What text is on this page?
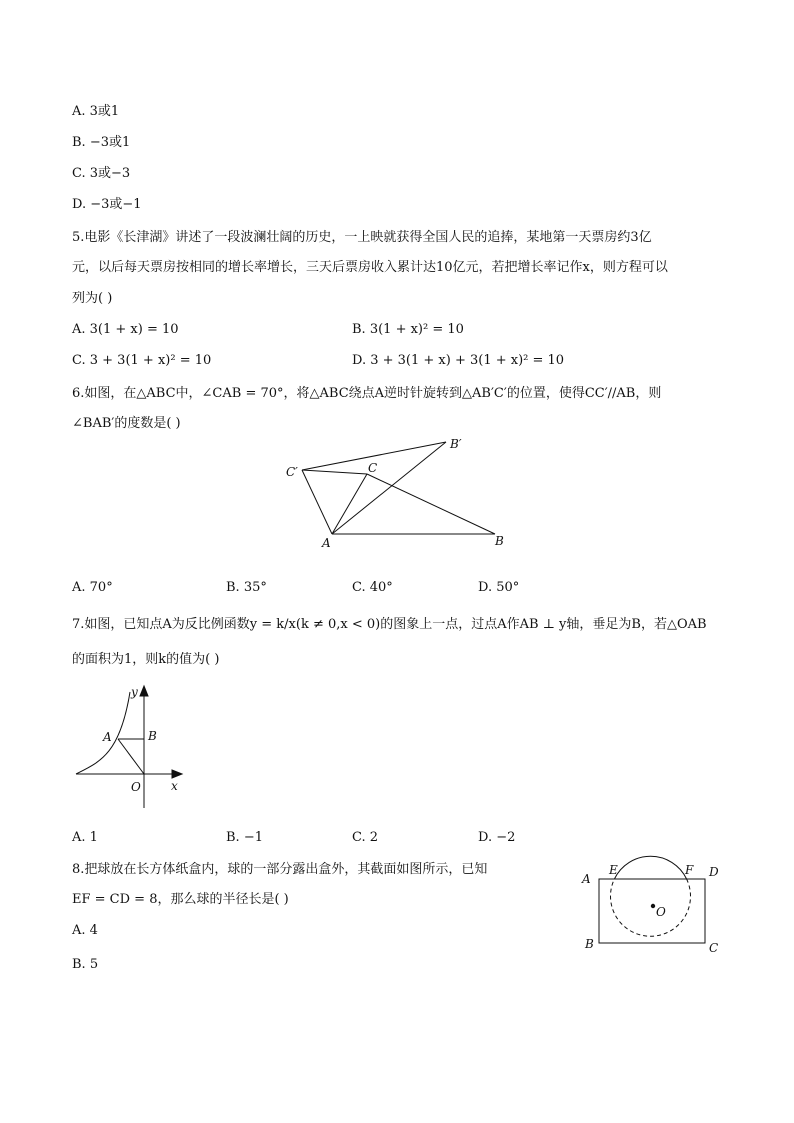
A. 3或1
B. −3或1
C. 3或−3
D. −3或−1
5.电影《长津湖》讲述了一段波澜壮阔的历史，一上映就获得全国人民的追捧，某地第一天票房约3亿
元，以后每天票房按相同的增长率增长，三天后票房收入累计达10亿元，若把增长率记作x，则方程可以
列为( )
A. 3(1 + x) = 10	B. 3(1 + x)² = 10
C. 3 + 3(1 + x)² = 10	D. 3 + 3(1 + x) + 3(1 + x)² = 10
6.如图，在△ABC中，∠CAB = 70°，将△ABC绕点A逆时针旋转到△AB′C′的位置，使得CC′//AB，则
∠BAB′的度数是( )
C′	C
B′
A	B
A. 70°	B. 35°	C. 40°	D. 50°
7.如图，已知点A为反比例函数y = k/x(k ≠ 0,x < 0)的图象上一点，过点A作AB ⊥ y轴，垂足为B，若△OAB
的面积为1，则k的值为( )
y
A	B
O	x
A. 1	B. −1	C. 2	D. −2
8.把球放在长方体纸盒内，球的一部分露出盒外，其截面如图所示，已知
EF = CD = 8，那么球的半径长是( )
A. 4
B. 5
A
E	F D
O
B	C
